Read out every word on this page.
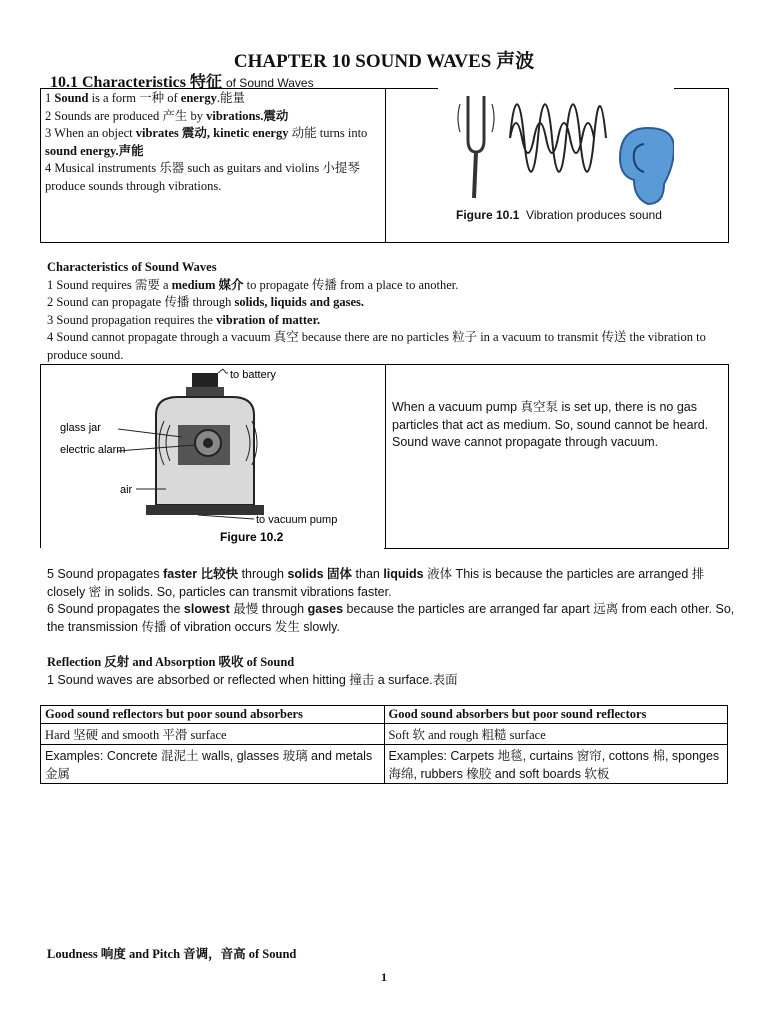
CHAPTER 10 SOUND WAVES 声波
10.1 Characteristics 特征 of Sound Waves
1 Sound is a form 一种 of energy.能量
2 Sounds are produced 产生 by vibrations.震动
3 When an object vibrates 震动, kinetic energy 动能 turns into sound energy.声能
4 Musical instruments 乐器 such as guitars and violins 小提琴 produce sounds through vibrations.
Figure 10.1 Vibration produces sound
Characteristics of Sound Waves
1 Sound requires 需要 a medium 媒介 to propagate 传播 from a place to another.
2 Sound can propagate 传播 through solids, liquids and gases.
3 Sound propagation requires the vibration of matter.
4 Sound cannot propagate through a vacuum 真空 because there are no particles 粒子 in a vacuum to transmit 传送 the vibration to produce sound.
to battery
glass jar
electric alarm
air
to vacuum pump
Figure 10.2
When a vacuum pump 真空泵 is set up, there is no gas particles that act as medium. So, sound cannot be heard. Sound wave cannot propagate through vacuum.
5 Sound propagates faster 比较快 through solids 固体 than liquids 液体 This is because the particles are arranged 排 closely 密 in solids. So, particles can transmit vibrations faster.
6 Sound propagates the slowest 最慢 through gases because the particles are arranged far apart 远离 from each other. So, the transmission 传播 of vibration occurs 发生 slowly.
Reflection 反射 and Absorption 吸收 of Sound
1 Sound waves are absorbed or reflected when hitting 撞击 a surface.表面
Good sound reflectors but poor sound absorbers	Good sound absorbers but poor sound reflectors
Hard 坚硬 and smooth 平滑 surface	Soft 软 and rough 粗糙 surface
Examples: Concrete 混泥土 walls, glasses 玻璃 and metals 金属	Examples: Carpets 地毯, curtains 窗帘, cottons 棉, sponges 海绵, rubbers 橡胶 and soft boards 软板
Loudness 响度 and Pitch 音调，音高 of Sound
1
